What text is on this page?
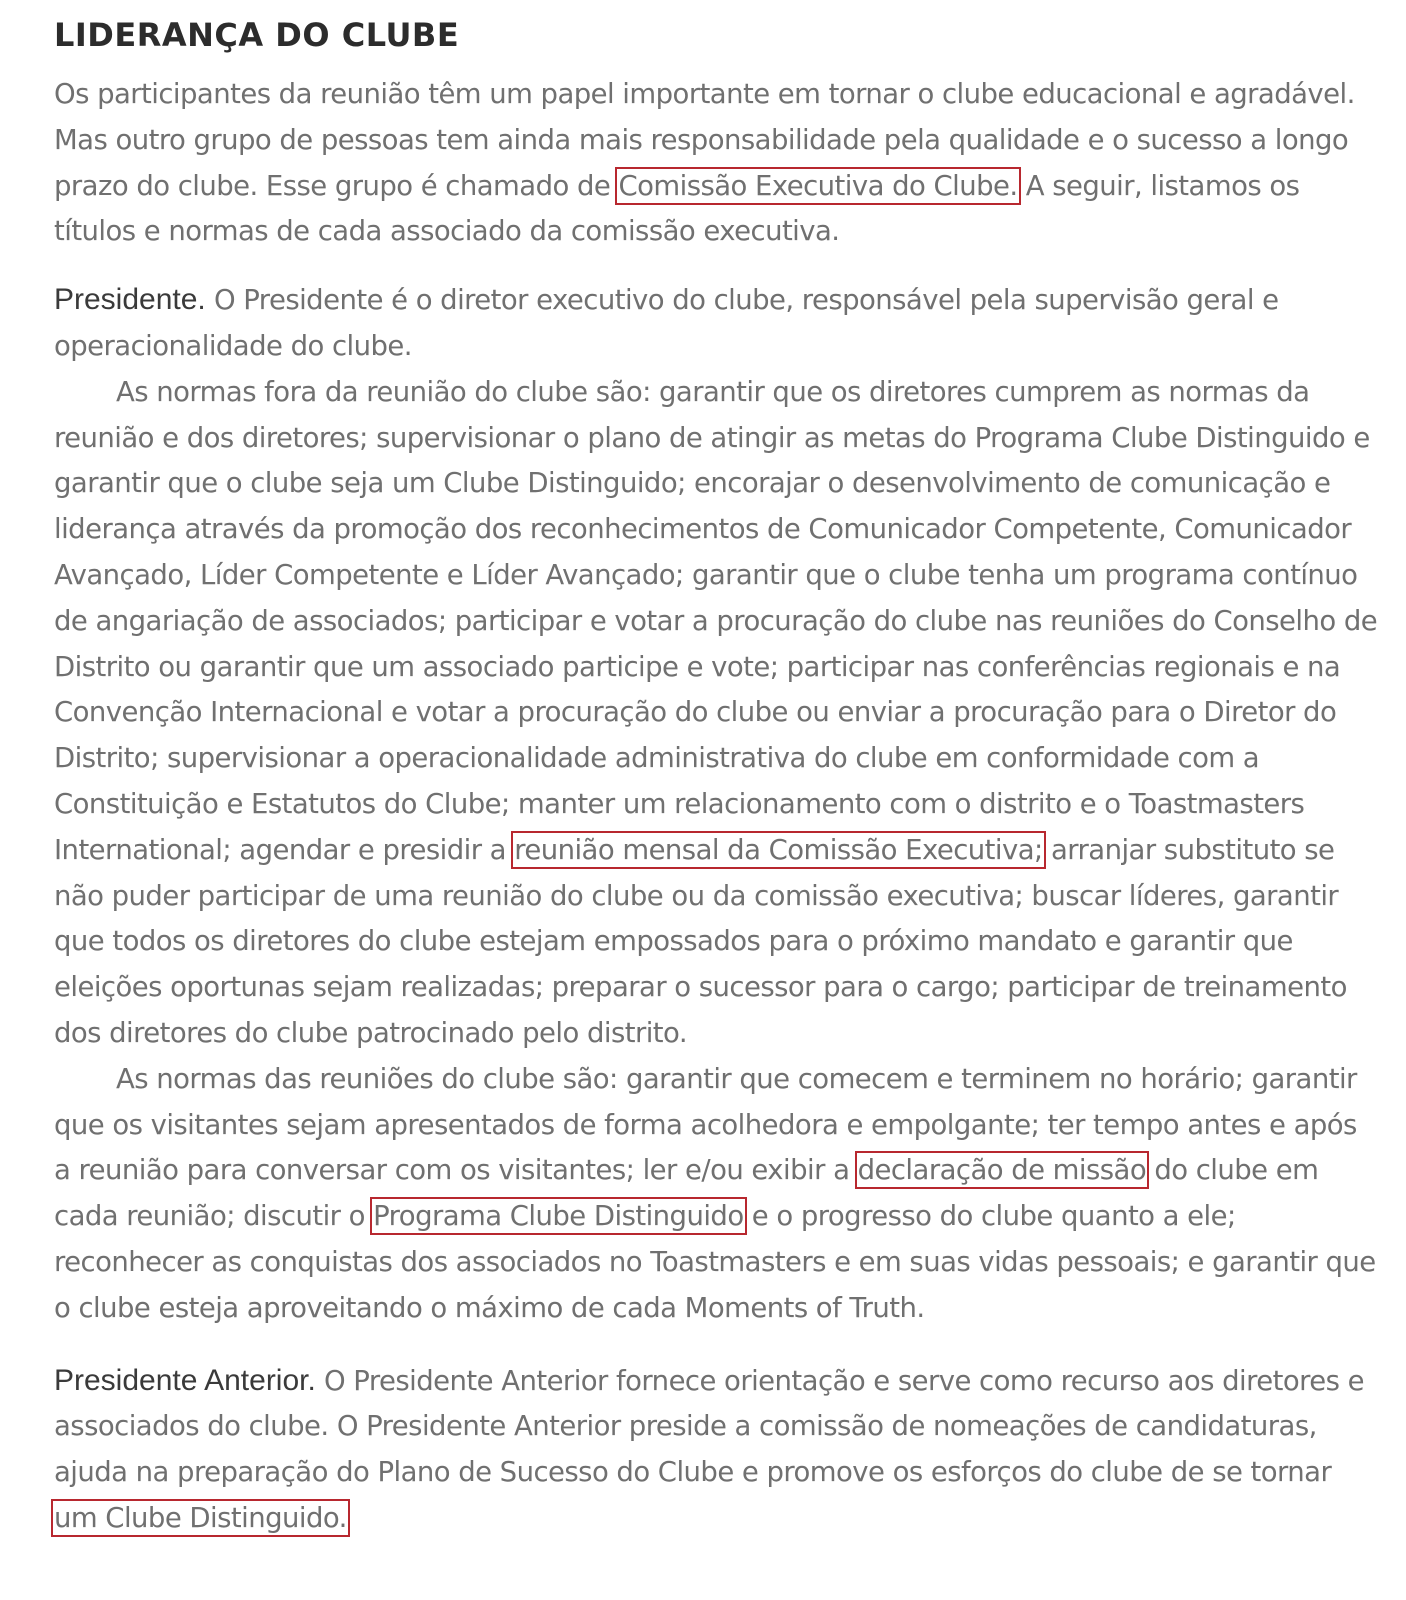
LIDERANÇA DO CLUBE

Os participantes da reunião têm um papel importante em tornar o clube educacional e agradável. Mas outro grupo de pessoas tem ainda mais responsabilidade pela qualidade e o sucesso a longo prazo do clube. Esse grupo é chamado de Comissão Executiva do Clube. A seguir, listamos os títulos e normas de cada associado da comissão executiva.

Presidente. O Presidente é o diretor executivo do clube, responsável pela supervisão geral e operacionalidade do clube.

As normas fora da reunião do clube são: garantir que os diretores cumprem as normas da reunião e dos diretores; supervisionar o plano de atingir as metas do Programa Clube Distinguido e garantir que o clube seja um Clube Distinguido; encorajar o desenvolvimento de comunicação e liderança através da promoção dos reconhecimentos de Comunicador Competente, Comunicador Avançado, Líder Competente e Líder Avançado; garantir que o clube tenha um programa contínuo de angariação de associados; participar e votar a procuração do clube nas reuniões do Conselho de Distrito ou garantir que um associado participe e vote; participar nas conferências regionais e na Convenção Internacional e votar a procuração do clube ou enviar a procuração para o Diretor do Distrito; supervisionar a operacionalidade administrativa do clube em conformidade com a Constituição e Estatutos do Clube; manter um relacionamento com o distrito e o Toastmasters International; agendar e presidir a reunião mensal da Comissão Executiva; arranjar substituto se não puder participar de uma reunião do clube ou da comissão executiva; buscar líderes, garantir que todos os diretores do clube estejam empossados para o próximo mandato e garantir que eleições oportunas sejam realizadas; preparar o sucessor para o cargo; participar de treinamento dos diretores do clube patrocinado pelo distrito.

As normas das reuniões do clube são: garantir que comecem e terminem no horário; garantir que os visitantes sejam apresentados de forma acolhedora e empolgante; ter tempo antes e após a reunião para conversar com os visitantes; ler e/ou exibir a declaração de missão do clube em cada reunião; discutir o Programa Clube Distinguido e o progresso do clube quanto a ele; reconhecer as conquistas dos associados no Toastmasters e em suas vidas pessoais; e garantir que o clube esteja aproveitando o máximo de cada Moments of Truth.

Presidente Anterior. O Presidente Anterior fornece orientação e serve como recurso aos diretores e associados do clube. O Presidente Anterior preside a comissão de nomeações de candidaturas, ajuda na preparação do Plano de Sucesso do Clube e promove os esforços do clube de se tornar um Clube Distinguido.
